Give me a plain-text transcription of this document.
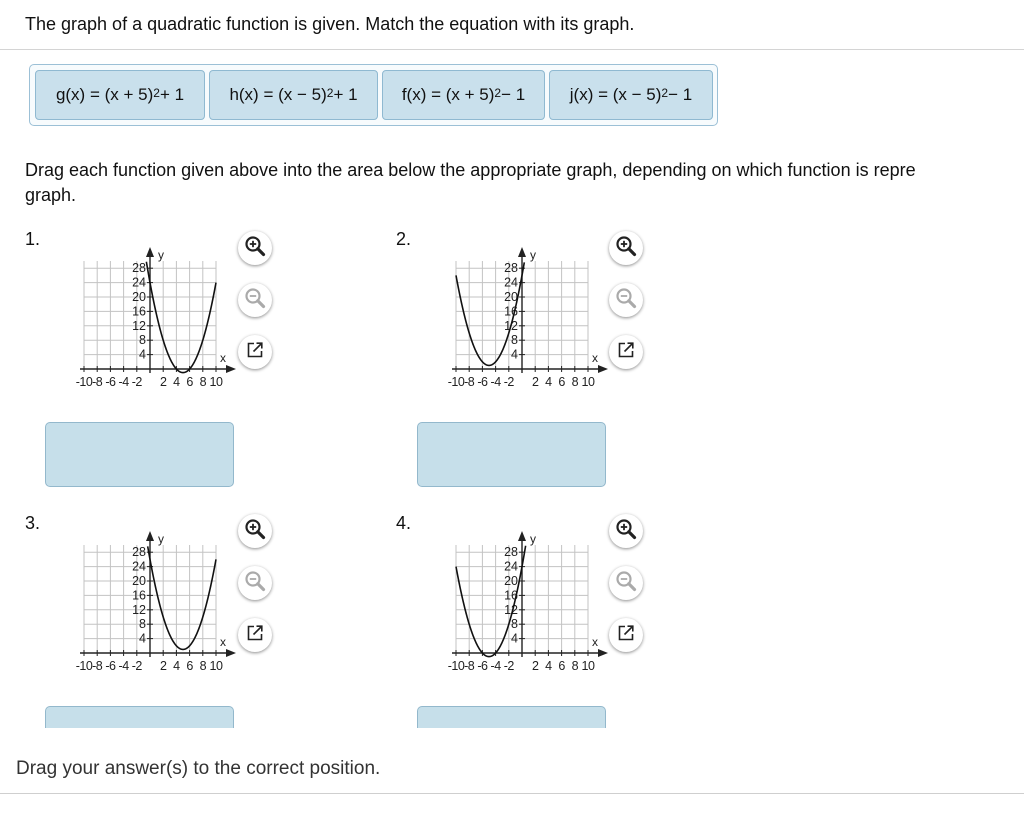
The graph of a quadratic function is given. Match the equation with its graph.
$g(x) = (x + 5)^2 + 1$	$h(x) = (x - 5)^2 + 1$	$f(x) = (x + 5)^2 - 1$	$j(x) = (x - 5)^2 - 1$
Drag each function given above into the area below the appropriate graph, depending on which function is repre
graph.
1.
x
y
-10 -8 -6 -4 -2 2 4 6 8 10
4
8
12
16
20
24
28
2.
x
y
-10 -8 -6 -4 -2 2 4 6 8 10
4
8
12
16
20
24
28
3.
x
y
-10 -8 -6 -4 -2 2 4 6 8 10
4
8
12
16
20
24
28
4.
x
y
-10 -8 -6 -4 -2 2 4 6 8 10
4
8
12
16
20
24
28
Drag your answer(s) to the correct position.
